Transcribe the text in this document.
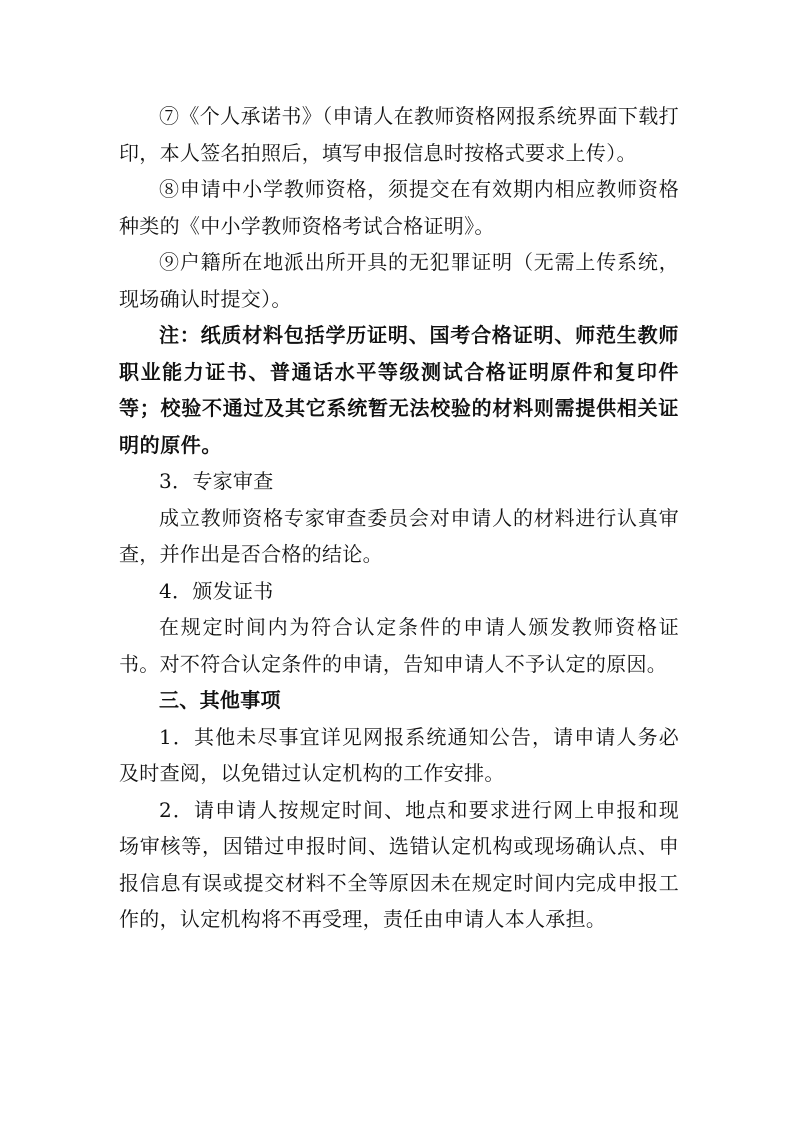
⑦《个人承诺书》（申请人在教师资格网报系统界面下载打印，本人签名拍照后，填写申报信息时按格式要求上传）。

⑧申请中小学教师资格，须提交在有效期内相应教师资格种类的《中小学教师资格考试合格证明》。

⑨户籍所在地派出所开具的无犯罪证明（无需上传系统，现场确认时提交）。

注：纸质材料包括学历证明、国考合格证明、师范生教师职业能力证书、普通话水平等级测试合格证明原件和复印件等；校验不通过及其它系统暂无法校验的材料则需提供相关证明的原件。

3．专家审查

成立教师资格专家审查委员会对申请人的材料进行认真审查，并作出是否合格的结论。

4．颁发证书

在规定时间内为符合认定条件的申请人颁发教师资格证书。对不符合认定条件的申请，告知申请人不予认定的原因。

三、其他事项

1．其他未尽事宜详见网报系统通知公告，请申请人务必及时查阅，以免错过认定机构的工作安排。

2．请申请人按规定时间、地点和要求进行网上申报和现场审核等，因错过申报时间、选错认定机构或现场确认点、申报信息有误或提交材料不全等原因未在规定时间内完成申报工作的，认定机构将不再受理，责任由申请人本人承担。
